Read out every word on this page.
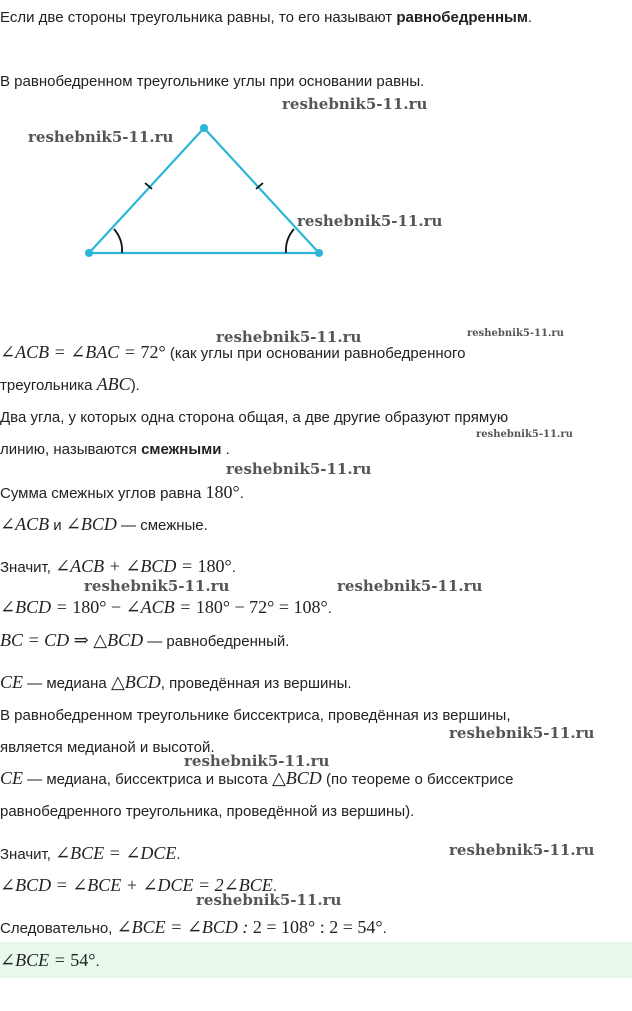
Если две стороны треугольника равны, то его называют равнобедренным.
В равнобедренном треугольнике углы при основании равны.
∠ACB = ∠BAC = 72° (как углы при основании равнобедренного
треугольника ABC).
Два угла, у которых одна сторона общая, а две другие образуют прямую
линию, называются смежными .
Сумма смежных углов равна 180°.
∠ACB и ∠BCD — смежные.
Значит, ∠ACB + ∠BCD = 180°.
∠BCD = 180° − ∠ACB = 180° − 72° = 108°.
BC = CD ⇒ △BCD — равнобедренный.
CE — медиана △BCD, проведённая из вершины.
В равнобедренном треугольнике биссектриса, проведённая из вершины,
является медианой и высотой.
CE — медиана, биссектриса и высота △BCD (по теореме о биссектрисе
равнобедренного треугольника, проведённой из вершины).
Значит, ∠BCE = ∠DCE.
∠BCD = ∠BCE + ∠DCE = 2∠BCE.
Следовательно, ∠BCE = ∠BCD : 2 = 108° : 2 = 54°.
∠BCE = 54°.
reshebnik5-11.ru
reshebnik5-11.ru
reshebnik5-11.ru
reshebnik5-11.ru	reshebnik5-11.ru
reshebnik5-11.ru
reshebnik5-11.ru
reshebnik5-11.ru	reshebnik5-11.ru
reshebnik5-11.ru
reshebnik5-11.ru
reshebnik5-11.ru
reshebnik5-11.ru
